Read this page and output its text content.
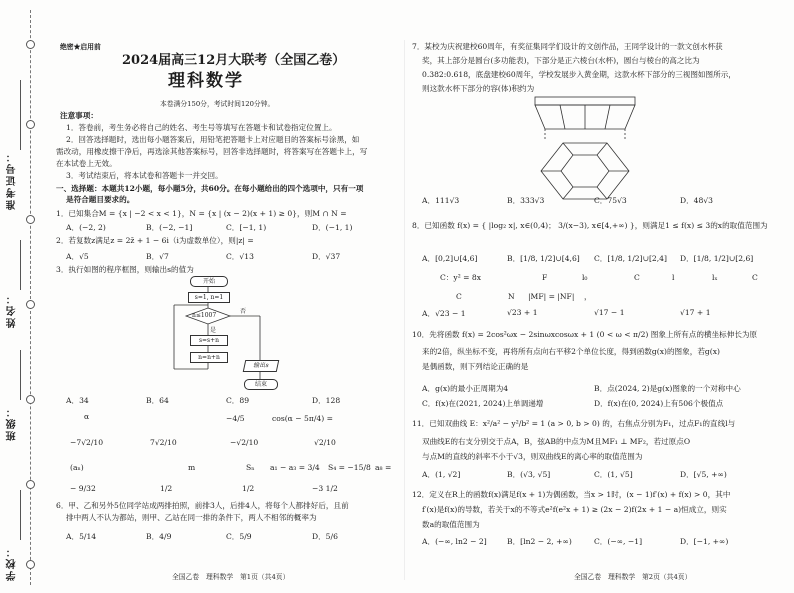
准考证号：
姓名：
班级：
学校：
绝密★启用前
2024届高三12月大联考（全国乙卷）
理科数学
本卷满分150分，考试时间120分钟。
注意事项：
1．答卷前，考生务必将自己的姓名、考生号等填写在答题卡和试卷指定位置上。
2．回答选择题时，选出每小题答案后，用铅笔把答题卡上对应题目的答案标号涂黑，如
需改动，用橡皮擦干净后，再选涂其他答案标号，回答非选择题时，将答案写在答题卡上，写
在本试卷上无效。
3．考试结束后，将本试卷和答题卡一并交回。
一、选择题：本题共12小题，每小题5分，共60分。在每小题给出的四个选项中，只有一项
是符合题目要求的。
1．已知集合M = {x | −2 < x < 1}，N = {x | (x − 2)(x + 1) ≥ 0}，则M ∩ N =
A．(−2, 2)	B．(−2, −1]	C．[−1, 1)	D．(−1, 1)
2．若复数z满足z = 2z̄ + 1 − 6i（i为虚数单位），则|z| =
A．√5	B．√7	C．√13	D．√37
3．执行如图的程序框图，则输出s的值为
开始
s=1, n=1
n≤1007
否
是
s=s+n
n=n+n
输出s
结束
A．34	B．64	C．89	D．128
α	−4/5	cos(α − 5π/4) =
−7√2/10	7√2/10	−√2/10	√2/10
(aₙ)	m	Sₙ a₁ − a₃ = 3/4 S₄ = −15/8 a₈ =
− 9/32	1/2	1/2	−3 1/2
6．甲、乙和另外5位同学站成两排拍照，前排3人，后排4人，将每个人都排好后，且前
排中两人不认为都站，则甲、乙站在同一排的条件下，两人不相邻的概率为
A．5/14	B．4/9	C．5/9	D．5/6
全国乙卷　理科数学　第1页（共4页）
7．某校为庆祝建校60周年，有奖征集同学们设计的文创作品，王同学设计的一款文创水杯获
奖，其上部分是圆台(多功能表)，下部分是正六棱台(水杯)，圆台与棱台的高之比为
0.382:0.618，底盘建校60周年，学校发展步入黄金期，这款水杯下部分的三视图如图所示，
则这款水杯下部分的容(体)积约为
A．111√3	B．333√3	C．75√3	D．48√3
8．已知函数 f(x) = { |log₂ x|, x∈(0,4)； 3/(x−3), x∈[4,+∞) }，则满足1 ≤ f(x) ≤ 3的x的取值范围为
A．[0,2]∪[4,6]	B．[1/8, 1/2]∪[4,6] C．[1/8, 1/2]∪[2,4] D．[1/8, 1/2]∪[2,6]
C：y² = 8x	F	l₀	C	l	lₓ	C
C	N |MF| = |NF| ，
A．√23 − 1	√23 + 1	√17 − 1	√17 + 1
10．先将函数 f(x) = 2cos²ωx − 2sinωxcosωx + 1 (0 < ω < π/2) 图象上所有点的横坐标伸长为原
来的2倍，纵坐标不变，再将所有点向右平移2个单位长度，得到函数g(x)的图象，若g(x)
是偶函数，则下列结论正确的是
A．g(x)的最小正周期为4	B．点(2024, 2)是g(x)图象的一个对称中心
C．f(x)在(2021, 2024)上单调递增	D．f(x)在(0, 2024)上有506个极值点
11．已知双曲线 E：x²/a² − y²/b² = 1 (a > 0, b > 0) 的，右焦点分别为F₁，过点F₁的直线l与
双曲线E的右支分别交于点A，B，弦AB的中点为M且MF₁ ⊥ MF₂，若过原点O
与点M的直线的斜率不小于√3，则双曲线E的离心率的取值范围为
A．(1, √2]	B．(√3, √5]	C．(1, √5]	D．[√5, +∞)
12．定义在R上的函数f(x)满足f(x + 1)为偶函数，当x > 1时，(x − 1)f′(x) + f(x) > 0，其中
f′(x)是f(x)的导数，若关于x的不等式e²f(e²x + 1) ≥ (2x − 2)f(2x + 1 − a)恒成立，则实
数a的取值范围为
A．(−∞, ln2 − 2]	B．[ln2 − 2, +∞)	C．(−∞, −1]	D．[−1, +∞)
全国乙卷　理科数学　第2页（共4页）
